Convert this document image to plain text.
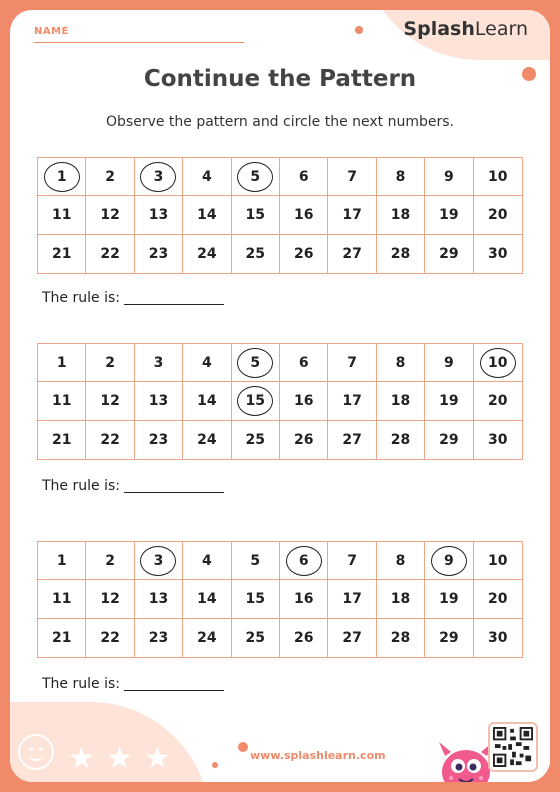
NAME	SplashLearn
Continue the Pattern
Observe the pattern and circle the next numbers.
1	2	3	4	5	6	7	8	9 10
11 12 13 14 15 16 17 18 19 20
21 22 23 24 25 26 27 28 29 30
The rule is:
1	2	3	4	5	6	7	8	9	10
11 12 13 14	15	16 17 18 19 20
21 22 23 24 25 26 27 28 29 30
The rule is:
1	2	3	4	5	6	7	8	9	10
11 12 13 14 15 16 17 18 19 20
21 22 23 24 25 26 27 28 29 30
The rule is:
★ ★ ★	www.splashlearn.com
